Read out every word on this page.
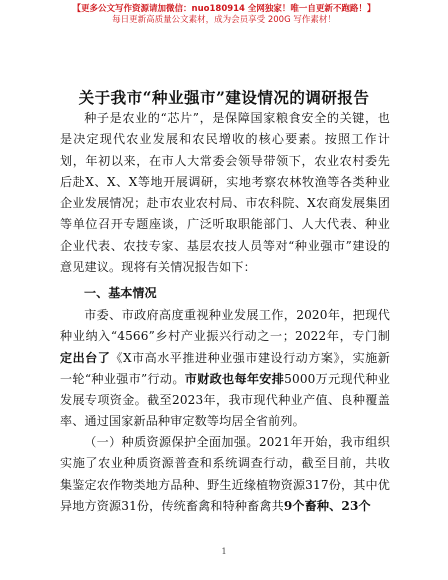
【更多公文写作资源请加微信：nuo180914 全网独家！唯一自更新不跑路！】
每日更新高质量公文素材，成为会员享受 200G 写作素材！
关于我市“种业强市”建设情况的调研报告
种子是农业的“芯片”，是保障国家粮食安全的关键，也是决定现代农业发展和农民增收的核心要素。按照工作计划，年初以来，在市人大常委会领导带领下，农业农村委先后赴X、X、X等地开展调研，实地考察农林牧渔等各类种业企业发展情况；赴市农业农村局、市农科院、X农商发展集团等单位召开专题座谈，广泛听取职能部门、人大代表、种业企业代表、农技专家、基层农技人员等对“种业强市”建设的意见建议。现将有关情况报告如下：
一、基本情况
市委、市政府高度重视种业发展工作，2020年，把现代种业纳入“4566”乡村产业振兴行动之一；2022年，专门制定出台了《X市高水平推进种业强市建设行动方案》，实施新一轮“种业强市”行动。市财政也每年安排5000万元现代种业发展专项资金。截至2023年，我市现代种业产值、良种覆盖率、通过国家新品种审定数等均居全省前列。
（一）种质资源保护全面加强。2021年开始，我市组织实施了农业种质资源普查和系统调查行动，截至目前，共收集鉴定农作物类地方品种、野生近缘植物资源317份，其中优异地方资源31份，传统畜禽和特种畜禽共9个畜种、23个
1
